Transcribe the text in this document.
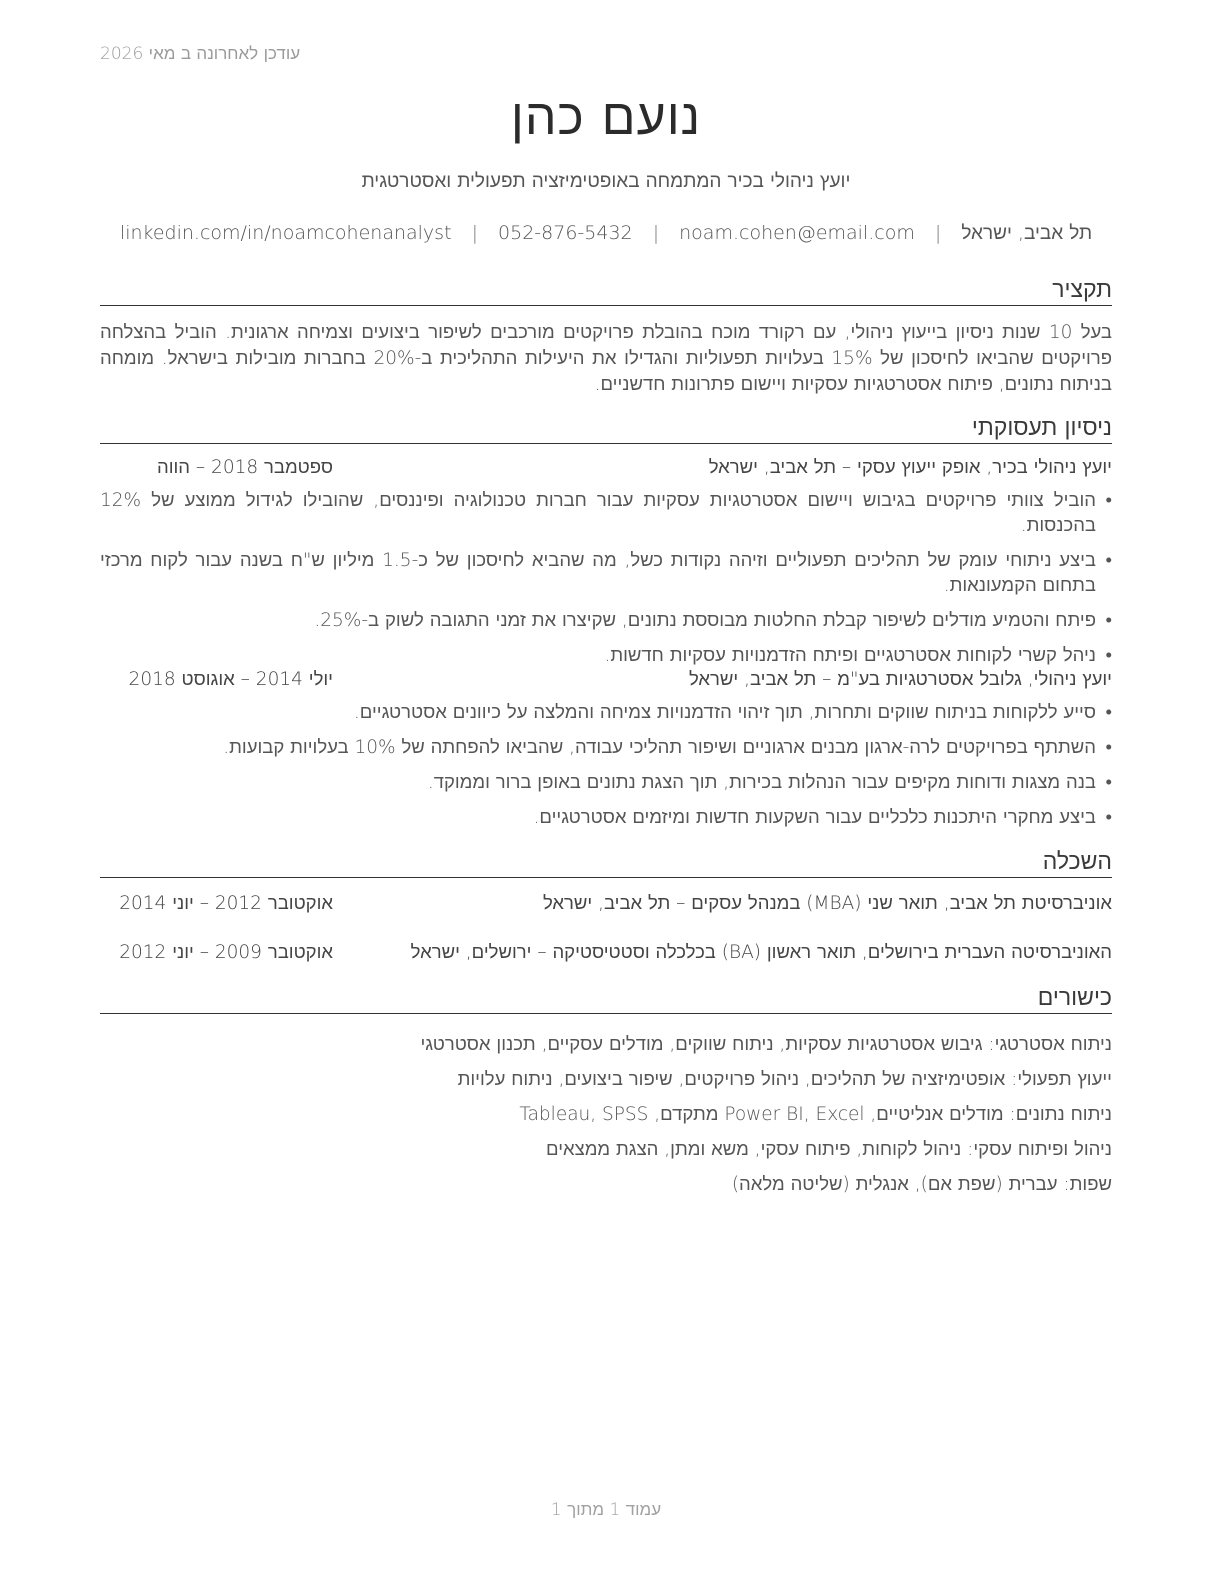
עודכן לאחרונה ב מאי 2026
נועם כהן
יועץ ניהולי בכיר המתמחה באופטימיזציה תפעולית ואסטרטגית
תל אביב, ישראל | noam.cohen@email.com | 052-876-5432 | linkedin.com/in/noamcohenanalyst
תקציר
בעל 10 שנות ניסיון בייעוץ ניהולי, עם רקורד מוכח בהובלת פרויקטים מורכבים לשיפור ביצועים וצמיחה ארגונית. הוביל בהצלחה פרויקטים שהביאו לחיסכון של 15% בעלויות תפעוליות והגדילו את היעילות התהליכית ב-20% בחברות מובילות בישראל. מומחה בניתוח נתונים, פיתוח אסטרטגיות עסקיות ויישום פתרונות חדשניים.
ניסיון תעסוקתי
יועץ ניהולי בכיר, אופק ייעוץ עסקי – תל אביב, ישראל
ספטמבר 2018 – הווה
•
הוביל צוותי פרויקטים בגיבוש ויישום אסטרטגיות עסקיות עבור חברות טכנולוגיה ופיננסים, שהובילו לגידול ממוצע של 12% בהכנסות.
•
ביצע ניתוחי עומק של תהליכים תפעוליים וזיהה נקודות כשל, מה שהביא לחיסכון של כ-1.5 מיליון ש"ח בשנה עבור לקוח מרכזי בתחום הקמעונאות.
•
פיתח והטמיע מודלים לשיפור קבלת החלטות מבוססת נתונים, שקיצרו את זמני התגובה לשוק ב-25%.
•
ניהל קשרי לקוחות אסטרטגיים ופיתח הזדמנויות עסקיות חדשות.
יועץ ניהולי, גלובל אסטרטגיות בע"מ – תל אביב, ישראל
יולי 2014 – אוגוסט 2018
•
סייע ללקוחות בניתוח שווקים ותחרות, תוך זיהוי הזדמנויות צמיחה והמלצה על כיוונים אסטרטגיים.
•
השתתף בפרויקטים לרה-ארגון מבנים ארגוניים ושיפור תהליכי עבודה, שהביאו להפחתה של 10% בעלויות קבועות.
•
בנה מצגות ודוחות מקיפים עבור הנהלות בכירות, תוך הצגת נתונים באופן ברור וממוקד.
•
ביצע מחקרי היתכנות כלכליים עבור השקעות חדשות ומיזמים אסטרטגיים.
השכלה
אוניברסיטת תל אביב, תואר שני (MBA) במנהל עסקים – תל אביב, ישראל
אוקטובר 2012 – יוני 2014
האוניברסיטה העברית בירושלים, תואר ראשון (BA) בכלכלה וסטטיסטיקה – ירושלים, ישראל
אוקטובר 2009 – יוני 2012
כישורים
ניתוח אסטרטגי: גיבוש אסטרטגיות עסקיות, ניתוח שווקים, מודלים עסקיים, תכנון אסטרטגי
ייעוץ תפעולי: אופטימיזציה של תהליכים, ניהול פרויקטים, שיפור ביצועים, ניתוח עלויות
ניתוח נתונים: מודלים אנליטיים, Power BI, Excel מתקדם, Tableau, SPSS
ניהול ופיתוח עסקי: ניהול לקוחות, פיתוח עסקי, משא ומתן, הצגת ממצאים
שפות: עברית (שפת אם), אנגלית (שליטה מלאה)
עמוד 1 מתוך 1
